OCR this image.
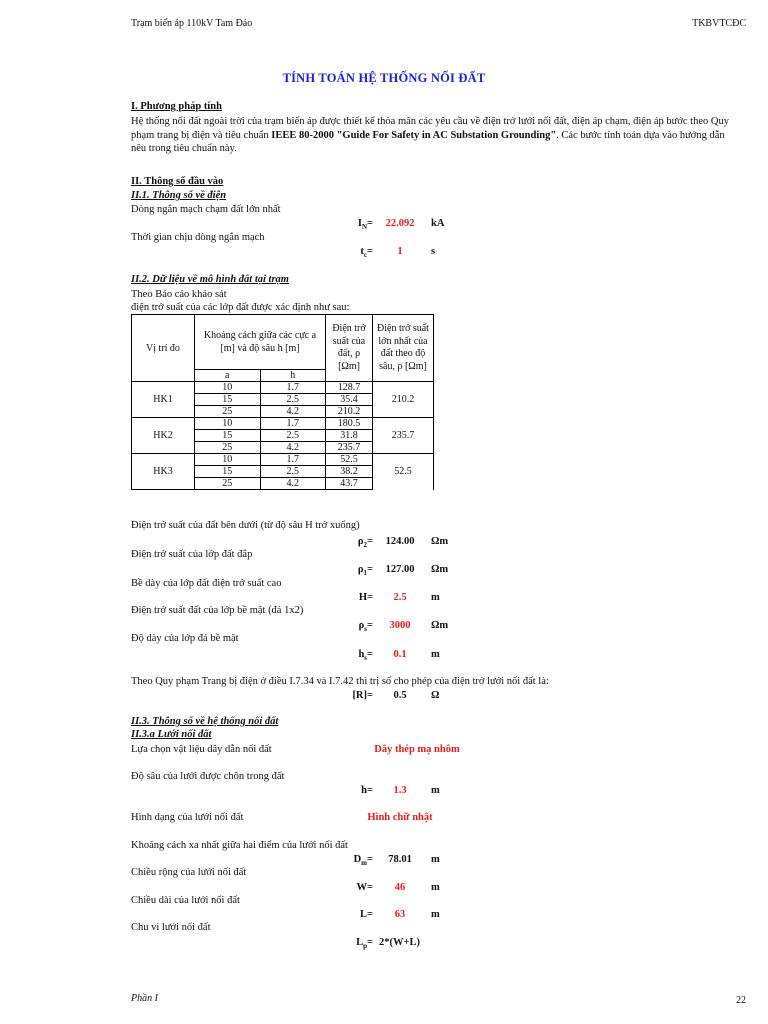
Trạm biến áp 110kV Tam Đảo	TKBVTCĐC
TÍNH TOÁN HỆ THỐNG NỐI ĐẤT
I. Phương pháp tính
Hệ thống nối đất ngoài trời của trạm biến áp được thiết kế thỏa mãn các yêu cầu về điện trở lưới nối đất, điện áp chạm, điện áp bước theo Quy phạm trang bị điện và tiêu chuẩn IEEE 80-2000 "Guide For Safety in AC Substation Grounding". Các bước tính toán dựa vào hướng dẫn nêu trong tiêu chuẩn này.
II. Thông số đầu vào
II.1. Thông số về điện
Dòng ngắn mạch chạm đất lớn nhất
$I_N=$	22.092	kA
Thời gian chịu dòng ngắn mạch
$t_c=$	1	s
II.2. Dữ liệu về mô hình đất tại trạm
Theo Báo cáo khảo sát
điện trở suất của các lớp đất được xác định như sau:
Vị trí đo	Khoảng cách giữa các cực a [m] và độ sâu h [m]		Điện trở suất của đất, ρ [Ωm]	Điện trở suất lớn nhất của đất theo độ sâu, ρ [Ωm]
	a	h		
HK1	10	1.7	128.7	210.2
	15	2.5	35.4	
	25	4.2	210.2	
HK2	10	1.7	180.5	235.7
	15	2.5	31.8	
	25	4.2	235.7	
HK3	10	1.7	52.5	52.5
	15	2.5	38.2	
	25	4.2	43.7	
Điện trở suất của đất bên dưới (từ độ sâu H trở xuống)
$\rho_2=$	124.00	Ωm
Điện trở suất của lớp đất đắp
$\rho_1=$	127.00	Ωm
Bề dày của lớp đất điện trở suất cao
H=	2.5	m
Điện trở suất đất của lớp bề mặt (đá 1x2)
$\rho_s=$	3000	Ωm
Độ dày của lớp đá bề mặt
$h_s=$	0.1	m
Theo Quy phạm Trang bị điện ở điều I.7.34 và I.7.42 thì trị số cho phép của điện trở lưới nối đất là:
[R]=	0.5	Ω
II.3. Thông số về hệ thống nối đất
II.3.a Lưới nối đất
Lựa chọn vật liệu dây dẫn nối đất	Dây thép mạ nhôm
Độ sâu của lưới được chôn trong đất
h=	1.3	m
Hình dạng của lưới nối đất	Hình chữ nhật
Khoảng cách xa nhất giữa hai điểm của lưới nối đất
$D_m=$	78.01	m
Chiều rộng của lưới nối đất
W=	46	m
Chiều dài của lưới nối đất
L=	63	m
Chu vi lưới nối đất
$L_p= 2*(W+L)$
Phần I	22
